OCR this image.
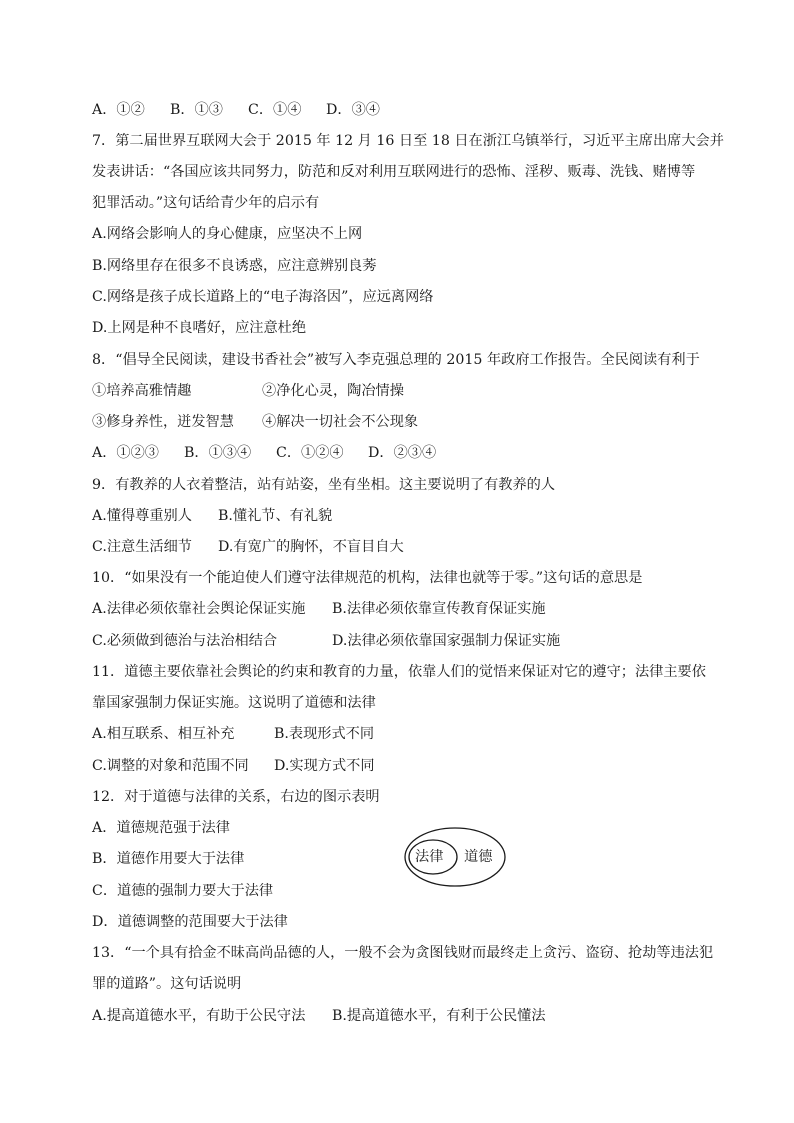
A．①② B．①③ C．①④ D．③④
7．第二届世界互联网大会于 2015 年 12 月 16 日至 18 日在浙江乌镇举行，习近平主席出席大会并
发表讲话：“各国应该共同努力，防范和反对利用互联网进行的恐怖、淫秽、贩毒、洗钱、赌博等
犯罪活动。”这句话给青少年的启示有
A.网络会影响人的身心健康，应坚决不上网
B.网络里存在很多不良诱惑，应注意辨别良莠
C.网络是孩子成长道路上的“电子海洛因”，应远离网络
D.上网是种不良嗜好，应注意杜绝
8．“倡导全民阅读，建设书香社会”被写入李克强总理的 2015 年政府工作报告。全民阅读有利于
①培养高雅情趣	②净化心灵，陶冶情操
③修身养性，迸发智慧 ④解决一切社会不公现象
A．①②③ B．①③④ C．①②④ D．②③④
9．有教养的人衣着整洁，站有站姿，坐有坐相。这主要说明了有教养的人
A.懂得尊重别人 B.懂礼节、有礼貌
C.注意生活细节 D.有宽广的胸怀，不盲目自大
10．“如果没有一个能迫使人们遵守法律规范的机构，法律也就等于零。”这句话的意思是
A.法律必须依靠社会舆论保证实施 B.法律必须依靠宣传教育保证实施
C.必须做到德治与法治相结合	D.法律必须依靠国家强制力保证实施
11．道德主要依靠社会舆论的约束和教育的力量，依靠人们的觉悟来保证对它的遵守；法律主要依
靠国家强制力保证实施。这说明了道德和法律
A.相互联系、相互补充	B.表现形式不同
C.调整的对象和范围不同 D.实现方式不同
12．对于道德与法律的关系，右边的图示表明
A．道德规范强于法律
B．道德作用要大于法律
C．道德的强制力要大于法律
D．道德调整的范围要大于法律
法律 道德
13．“一个具有拾金不昧高尚品德的人，一般不会为贪图钱财而最终走上贪污、盗窃、抢劫等违法犯
罪的道路”。这句话说明
A.提高道德水平，有助于公民守法 B.提高道德水平，有利于公民懂法
